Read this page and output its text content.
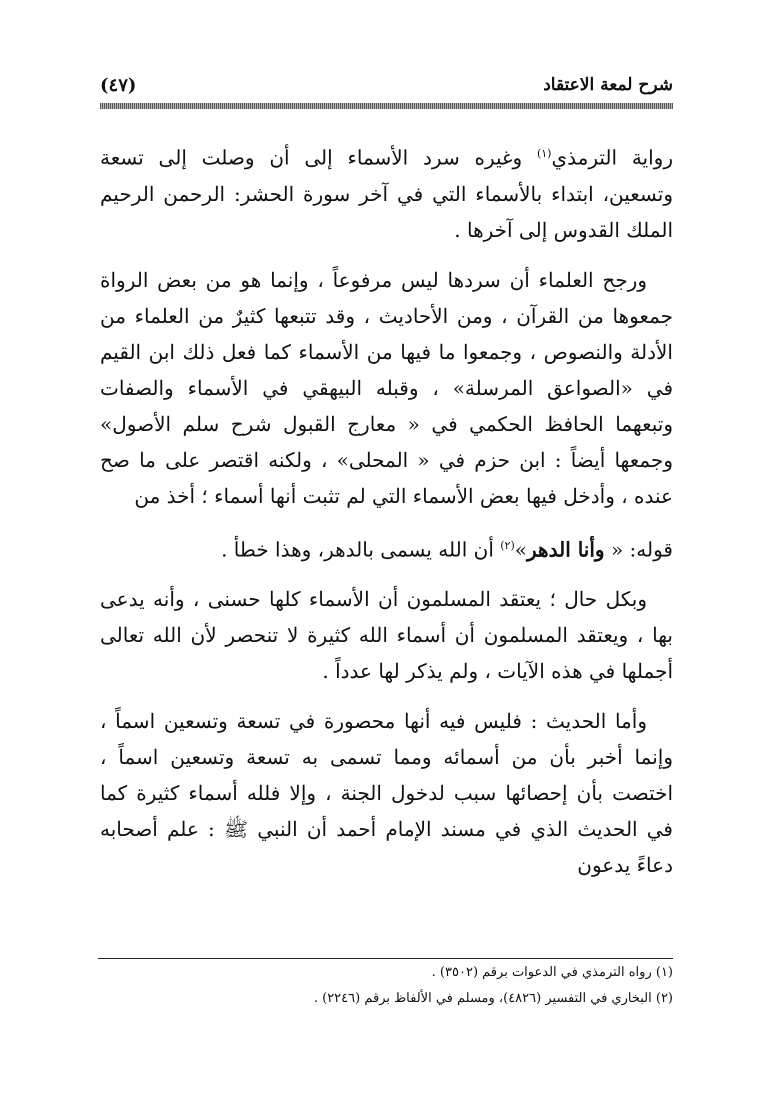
شرح لمعة الاعتقاد
(٤٧)

رواية الترمذي$^{(١)}$ وغيره سرد الأسماء إلى أن وصلت إلى تسعة وتسعين، ابتداء بالأسماء التي في آخر سورة الحشر: الرحمن الرحيم الملك القدوس إلى آخرها .

ورجح العلماء أن سردها ليس مرفوعاً ، وإنما هو من بعض الرواة جمعوها من القرآن ، ومن الأحاديث ، وقد تتبعها كثيرٌ من العلماء من الأدلة والنصوص ، وجمعوا ما فيها من الأسماء كما فعل ذلك ابن القيم في «الصواعق المرسلة» ، وقبله البيهقي في الأسماء والصفات وتبعهما الحافظ الحكمي في « معارج القبول شرح سلم الأصول» وجمعها أيضاً : ابن حزم في « المحلى» ، ولكنه اقتصر على ما صح عنده ، وأدخل فيها بعض الأسماء التي لم تثبت أنها أسماء ؛ أخذ من

قوله: « وأنا الدهر»$^{(٢)}$ أن الله يسمى بالدهر، وهذا خطأ .

وبكل حال ؛ يعتقد المسلمون أن الأسماء كلها حسنى ، وأنه يدعى بها ، ويعتقد المسلمون أن أسماء الله كثيرة لا تنحصر لأن الله تعالى أجملها في هذه الآيات ، ولم يذكر لها عدداً .

وأما الحديث : فليس فيه أنها محصورة في تسعة وتسعين اسماً ، وإنما أخبر بأن من أسمائه ومما تسمى به تسعة وتسعين اسماً ، اختصت بأن إحصائها سبب لدخول الجنة ، وإلا فلله أسماء كثيرة كما في الحديث الذي في مسند الإمام أحمد أن النبي ﷺ : علم أصحابه دعاءً يدعون

(١) رواه الترمذي في الدعوات برقم (٣٥٠٢) .
(٢) البخاري في التفسير (٤٨٢٦)، ومسلم في الألفاظ برقم (٢٢٤٦) .
